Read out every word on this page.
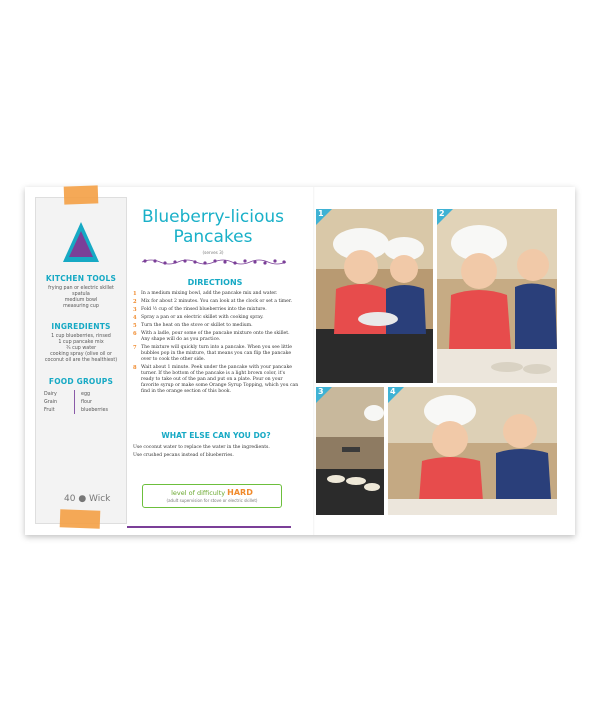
KITCHEN TOOLS
frying pan or electric skillet
spatula
medium bowl
measuring cup
INGREDIENTS
1 cup blueberries, rinsed
1 cup pancake mix
¾ cup water
cooking spray (olive oil or
coconut oil are the healthiest)
FOOD GROUPS
Dairy	egg
Grain	flour
Fruit	blueberries
40 ● Wick
Blueberry-licious
Pancakes
(serves 3)
DIRECTIONS
1 In a medium mixing bowl, add the pancake mix and water.
2 Mix for about 2 minutes. You can look at the clock or set a timer.
3 Fold ½ cup of the rinsed blueberries into the mixture.
4 Spray a pan or an electric skillet with cooking spray.
5 Turn the heat on the stove or skillet to medium.
6 With a ladle, pour some of the pancake mixture onto the skillet. Any shape will do as you practice.
7 The mixture will quickly turn into a pancake. When you see little bubbles pop in the mixture, that means you can flip the pancake over to cook the other side.
8 Wait about 1 minute. Peek under the pancake with your pancake turner. If the bottom of the pancake is a light brown color, it's ready to take out of the pan and put on a plate. Pour on your favorite syrup or make some Orange Syrup Topping, which you can find in the orange section of this book.
WHAT ELSE CAN YOU DO?
Use coconut water to replace the water in the ingredients.
Use crushed pecans instead of blueberries.
level of difficulty HARD
(adult supervision for stove or electric skillet)
1	2
3	4
